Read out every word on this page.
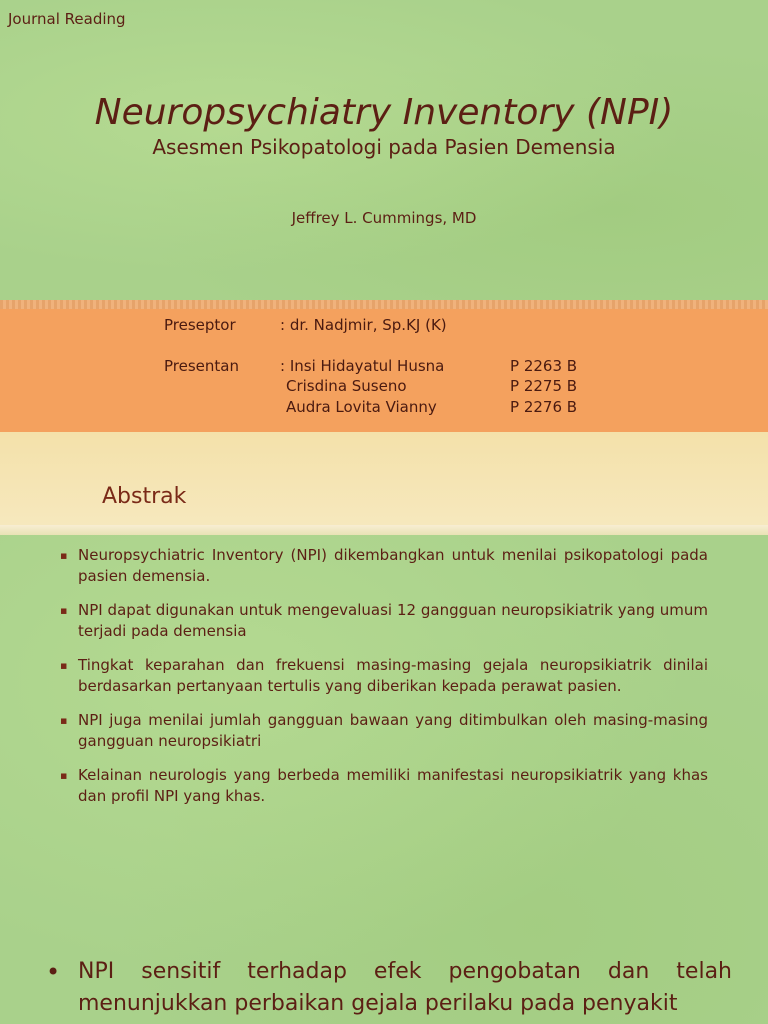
Journal Reading
Neuropsychiatry Inventory (NPI)
Asesmen Psikopatologi pada Pasien Demensia
Jeffrey L. Cummings, MD
Preseptor	: dr. Nadjmir, Sp.KJ (K)
Presentan	: Insi Hidayatul Husna	P 2263 B
Crisdina Suseno	P 2275 B
Audra Lovita Vianny	P 2276 B
Abstrak
▪ Neuropsychiatric Inventory (NPI) dikembangkan untuk menilai psikopatologi pada pasien demensia.
▪ NPI dapat digunakan untuk mengevaluasi 12 gangguan neuropsikiatrik yang umum terjadi pada demensia
▪ Tingkat keparahan dan frekuensi masing-masing gejala neuropsikiatrik dinilai berdasarkan pertanyaan tertulis yang diberikan kepada perawat pasien.
▪ NPI juga menilai jumlah gangguan bawaan yang ditimbulkan oleh masing-masing gangguan neuropsikiatri
▪ Kelainan neurologis yang berbeda memiliki manifestasi neuropsikiatrik yang khas dan profil NPI yang khas.
• NPI sensitif terhadap efek pengobatan dan telah menunjukkan perbaikan gejala perilaku pada penyakit
